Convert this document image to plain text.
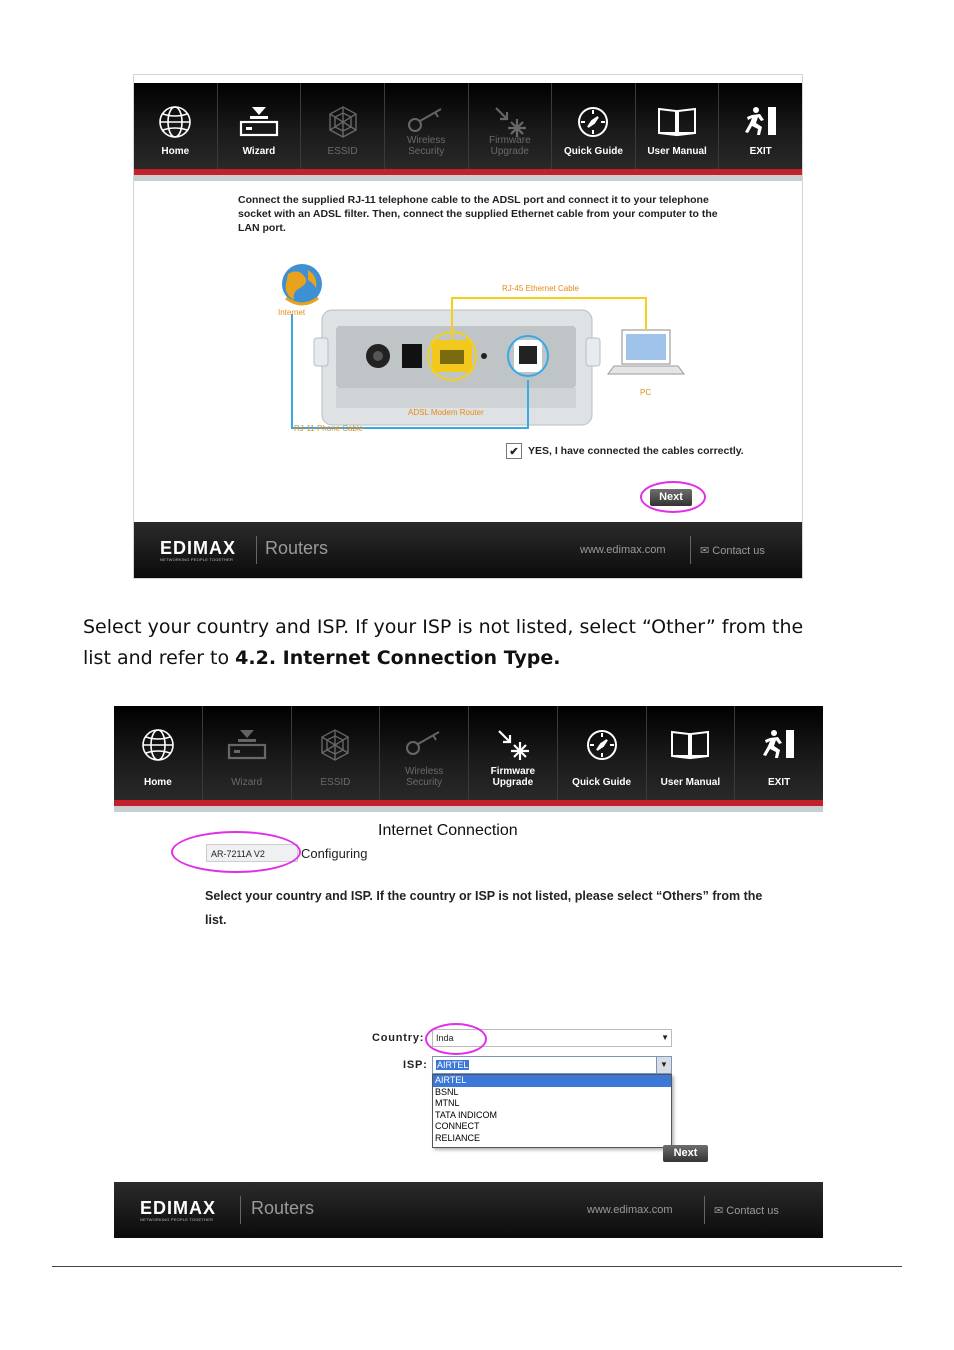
Home	Wizard	ESSID
Wireless
Security
Firmware
Upgrade	Quick Guide User Manual	EXIT
Connect the supplied RJ-11 telephone cable to the ADSL port and connect it to your telephone socket with an ADSL filter. Then, connect the supplied Ethernet cable from your computer to the LAN port.
Internet
RJ-45 Ethernet Cable
ADSL Modem Router
PC
RJ-11 Phone Cable
✔ YES, I have connected the cables correctly.
Next
EDIMAX
NETWORKING PEOPLE TOGETHER
Routers	www.edimax.com	✉ Contact us
Select your country and ISP. If your ISP is not listed, select “Other” from the
list and refer to 4.2. Internet Connection Type.
Home	Wizard	ESSID
Wireless
Security
Firmware
Upgrade	Quick Guide	User Manual	EXIT
Internet Connection
AR-7211A V2	Configuring
Select your country and ISP. If the country or ISP is not listed, please select “Others” from the list.
Country:	Inda	▼
ISP:	AIRTEL	▼
AIRTEL
BSNL
MTNL
TATA INDICOM
CONNECT
RELIANCE
Next
EDIMAX
NETWORKING PEOPLE TOGETHER
Routers	www.edimax.com	✉ Contact us
